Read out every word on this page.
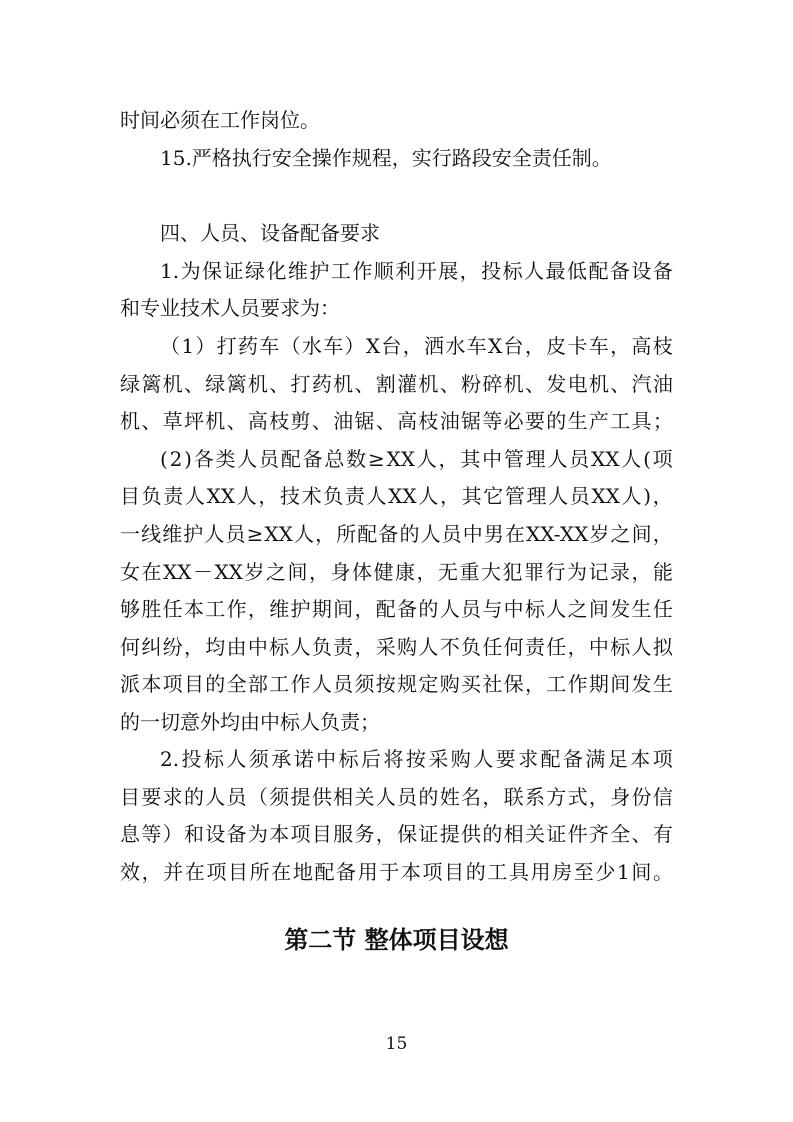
时间必须在工作岗位。
15.严格执行安全操作规程，实行路段安全责任制。
四、人员、设备配备要求
1. 为 保 证 绿 化 维 护 工 作 顺 利 开 展 ， 投 标 人 最 低 配 备 设 备
和专业技术人员要求为：
（ 1 ） 打 药 车 （ 水 车 ） X 台 ， 洒 水 车 X 台 ， 皮 卡 车 ， 高 枝
绿 篱 机 、 绿 篱 机 、 打 药 机 、 割 灌 机 、 粉 碎 机 、 发 电 机 、 汽 油
机 、 草 坪 机 、 高 枝 剪 、 油 锯 、 高 枝 油 锯 等 必 要 的 生 产 工 具 ；
( 2 ) 各 类 人 员 配 备 总 数 ≥ XX 人 ， 其 中 管 理 人 员 XX 人 ( 项
目 负 责 人 XX 人 ， 技 术 负 责 人 XX 人 ， 其 它 管 理 人 员 XX 人 ) ，
一 线 维 护 人 员 ≥ XX 人 ， 所 配 备 的 人 员 中 男 在 XX-XX 岁 之 间 ，
女 在 XX － XX 岁 之 间 ， 身 体 健 康 ， 无 重 大 犯 罪 行 为 记 录 ， 能
够 胜 任 本 工 作 ， 维 护 期 间 ， 配 备 的 人 员 与 中 标 人 之 间 发 生 任
何 纠 纷 ， 均 由 中 标 人 负 责 ， 采 购 人 不 负 任 何 责 任 ， 中 标 人 拟
派 本 项 目 的 全 部 工 作 人 员 须 按 规 定 购 买 社 保 ， 工 作 期 间 发 生
的一切意外均由中标人负责；
2. 投 标 人 须 承 诺 中 标 后 将 按 采 购 人 要 求 配 备 满 足 本 项
目 要 求 的 人 员 （ 须 提 供 相 关 人 员 的 姓 名 ， 联 系 方 式 ， 身 份 信
息 等 ） 和 设 备 为 本 项 目 服 务 ， 保 证 提 供 的 相 关 证 件 齐 全 、 有
效 ， 并 在 项 目 所 在 地 配 备 用 于 本 项 目 的 工 具 用 房 至 少 1 间 。
第二节 整体项目设想
15
